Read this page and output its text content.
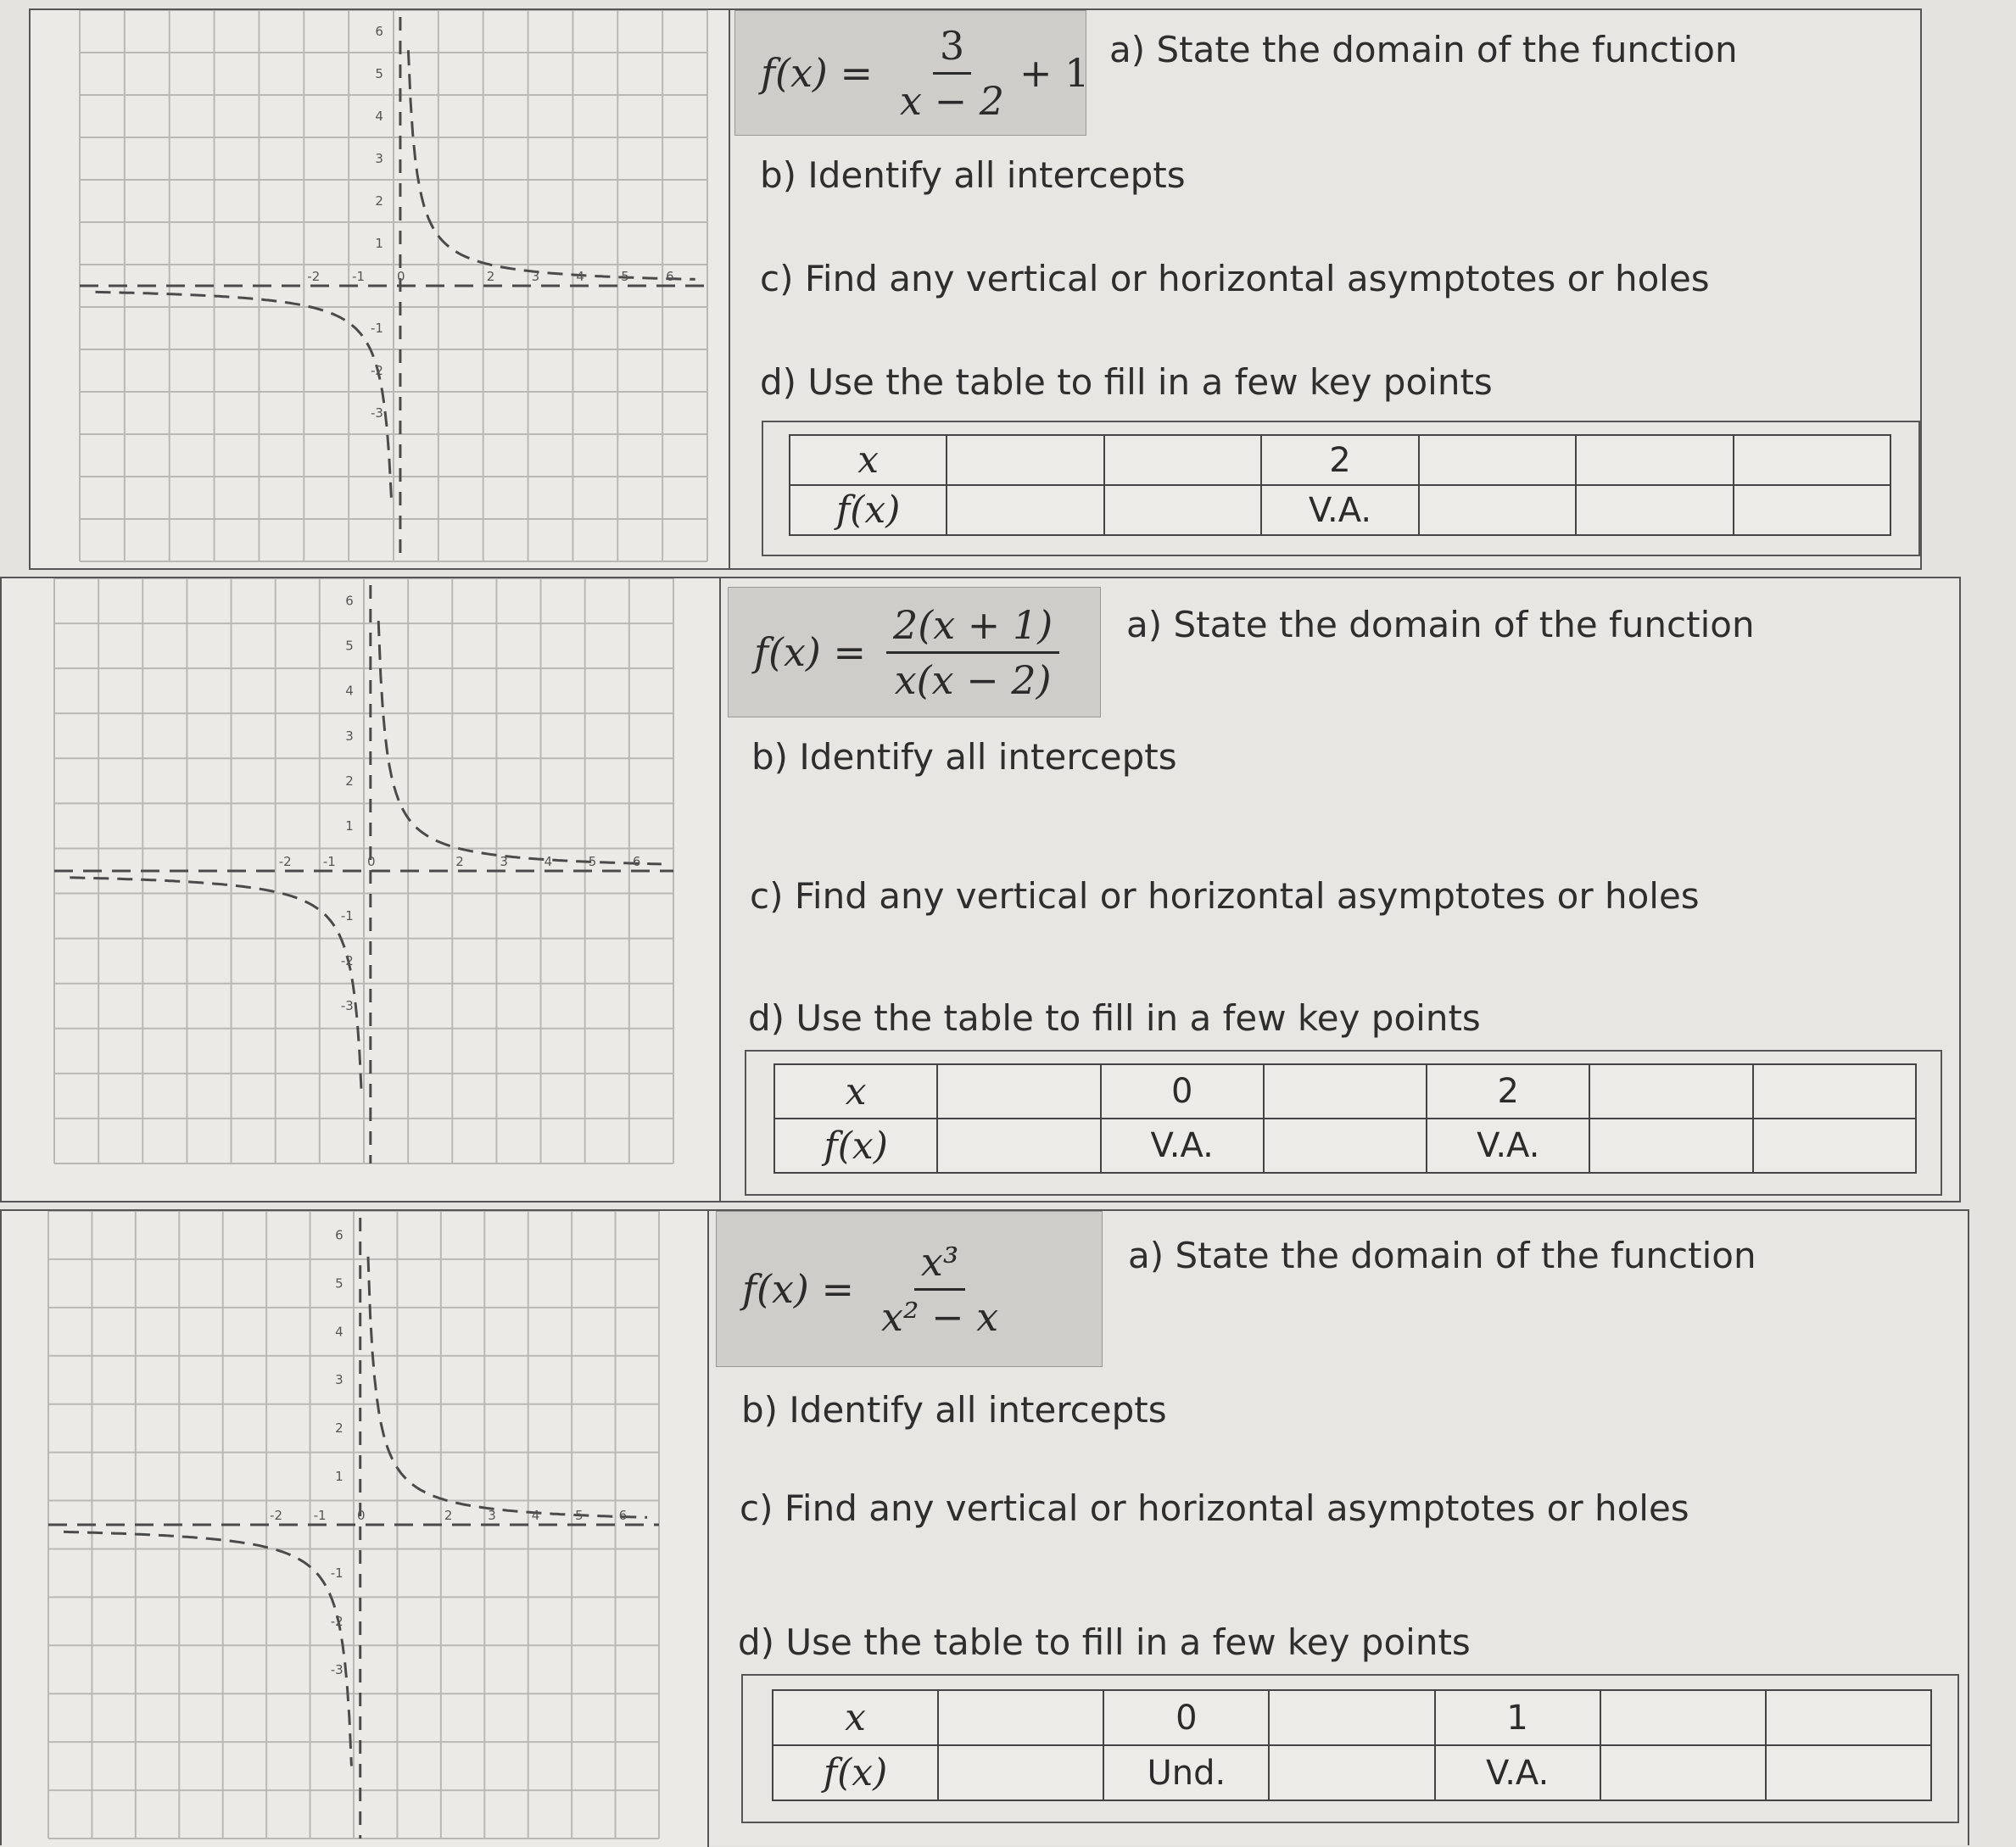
-2	-1	0	2	3	4	5	6
6
5
4
3
2
1
-1
-2
-3
$f(x) = \frac{3}{x - 2} + 1$
a) State the domain of the function
b) Identify all intercepts
c) Find any vertical or horizontal asymptotes or holes
d) Use the table to fill in a few key points
x			2			
f(x)			V.A.			
-2 -1 0	2	3	4	5	6
6
5
4
3
2
1
-1
-2
-3
$f(x) = \frac{2(x + 1)}{x(x - 2)} a$) State the domain of the function
b) Identify all intercepts
c) Find any vertical or horizontal asymptotes or holes
d) Use the table to fill in a few key points
x		0		2		
f(x)		V.A.		V.A.		
-2 -1 0	2	3	4	5	6
6
5
4
3
2
1
-1
-2
-3
$f(x) = \frac{\text{x³}}{\text{x² − x}}$	a) State the domain of the function
b) Identify all intercepts
c) Find any vertical or horizontal asymptotes or holes
d) Use the table to fill in a few key points
x		0		1		
f(x)		Und.		V.A.		
